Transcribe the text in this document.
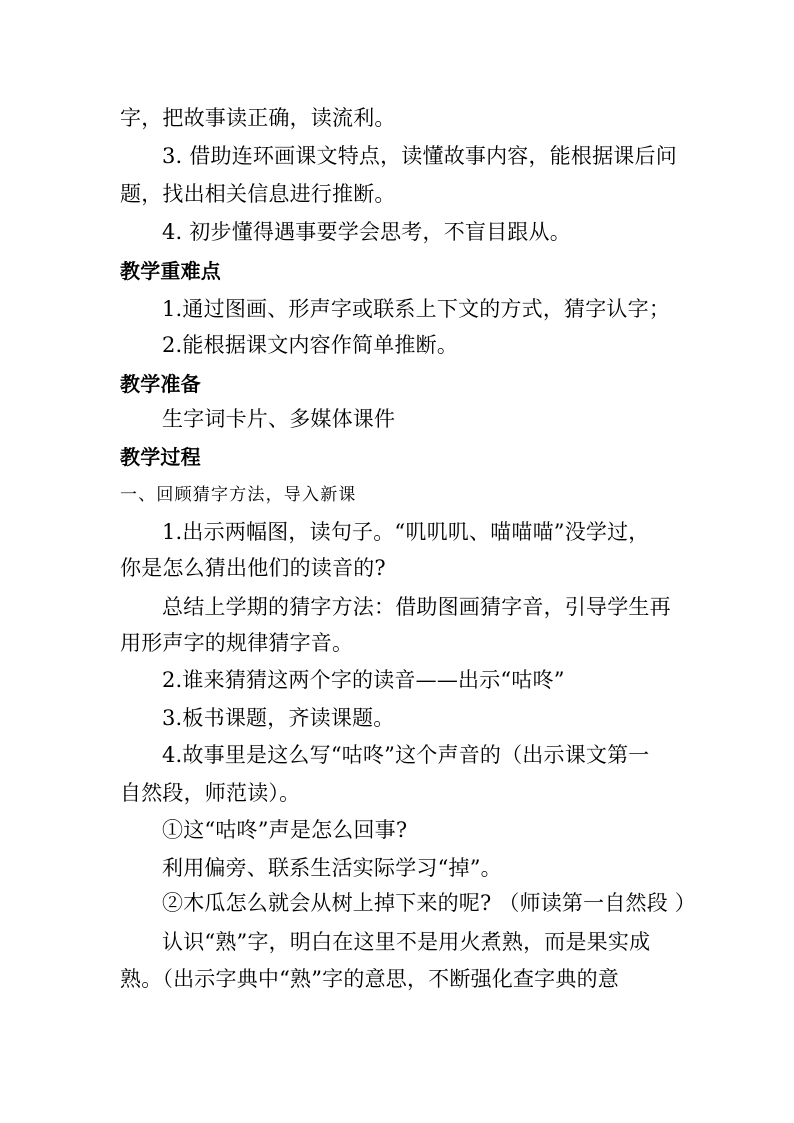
字，把故事读正确，读流利。
3. 借助连环画课文特点，读懂故事内容，能根据课后问
题，找出相关信息进行推断。
4. 初步懂得遇事要学会思考，不盲目跟从。
教学重难点
1.通过图画、形声字或联系上下文的方式，猜字认字；
2.能根据课文内容作简单推断。
教学准备
生字词卡片、多媒体课件
教学过程
一、回顾猜字方法，导入新课
1.出示两幅图，读句子。“叽叽叽、喵喵喵”没学过，
你是怎么猜出他们的读音的?
总结上学期的猜字方法：借助图画猜字音，引导学生再
用形声字的规律猜字音。
2.谁来猜猜这两个字的读音——出示“咕咚”
3.板书课题，齐读课题。
4.故事里是这么写“咕咚”这个声音的（出示课文第一
自然段，师范读）。
①这“咕咚”声是怎么回事?
利用偏旁、联系生活实际学习“掉”。
②木瓜怎么就会从树上掉下来的呢? （师读第一自然段 ）
认识“熟”字，明白在这里不是用火煮熟，而是果实成
熟。（出示字典中“熟”字的意思，不断强化查字典的意
